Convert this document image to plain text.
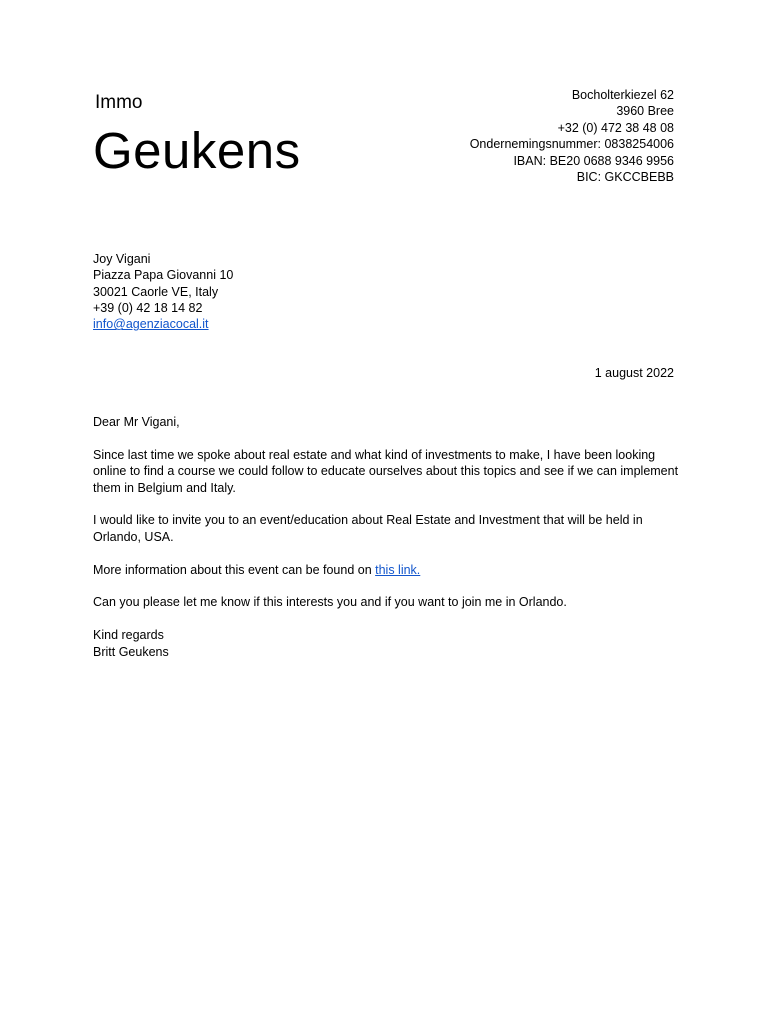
Immo
Geukens
Bocholterkiezel 62
3960 Bree
+32 (0) 472 38 48 08
Ondernemingsnummer: 0838254006
IBAN: BE20 0688 9346 9956
BIC: GKCCBEBB
Joy Vigani
Piazza Papa Giovanni 10
30021 Caorle VE, Italy
+39 (0) 42 18 14 82
info@agenziacocal.it
1 august 2022

Dear Mr Vigani,

Since last time we spoke about real estate and what kind of investments to make, I have been looking online to find a course we could follow to educate ourselves about this topics and see if we can implement them in Belgium and Italy.

I would like to invite you to an event/education about Real Estate and Investment that will be held in Orlando, USA.

More information about this event can be found on this link.

Can you please let me know if this interests you and if you want to join me in Orlando.

Kind regards

Britt Geukens
